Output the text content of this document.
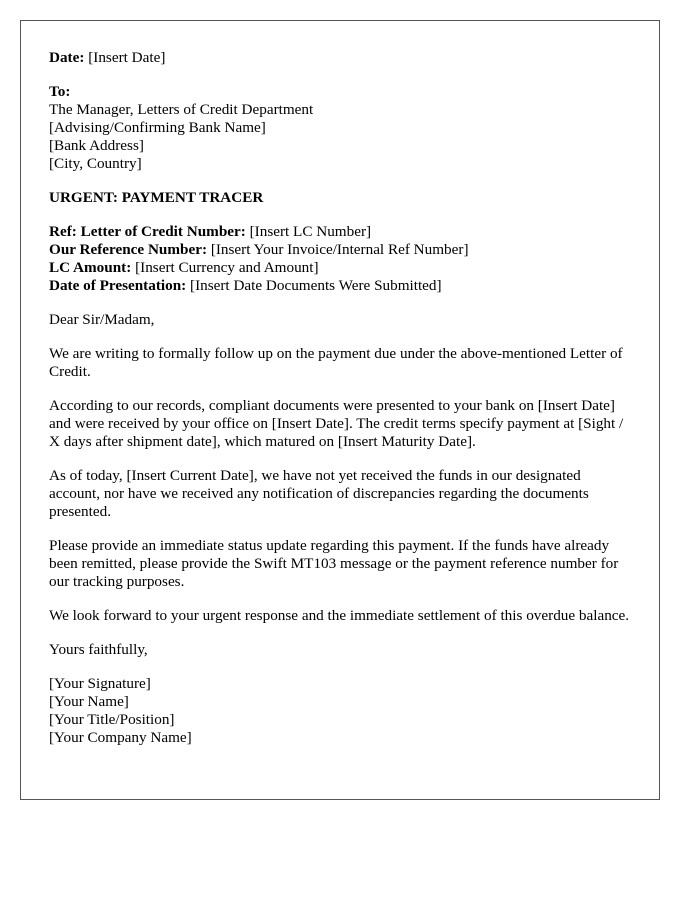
Date: [Insert Date]
To:
The Manager, Letters of Credit Department
[Advising/Confirming Bank Name]
[Bank Address]
[City, Country]
URGENT: PAYMENT TRACER
Ref: Letter of Credit Number: [Insert LC Number]
Our Reference Number: [Insert Your Invoice/Internal Ref Number]
LC Amount: [Insert Currency and Amount]
Date of Presentation: [Insert Date Documents Were Submitted]
Dear Sir/Madam,
We are writing to formally follow up on the payment due under the above-mentioned Letter of Credit.
According to our records, compliant documents were presented to your bank on [Insert Date] and were received by your office on [Insert Date]. The credit terms specify payment at [Sight / X days after shipment date], which matured on [Insert Maturity Date].
As of today, [Insert Current Date], we have not yet received the funds in our designated account, nor have we received any notification of discrepancies regarding the documents presented.
Please provide an immediate status update regarding this payment. If the funds have already been remitted, please provide the Swift MT103 message or the payment reference number for our tracking purposes.
We look forward to your urgent response and the immediate settlement of this overdue balance.
Yours faithfully,
[Your Signature]
[Your Name]
[Your Title/Position]
[Your Company Name]
